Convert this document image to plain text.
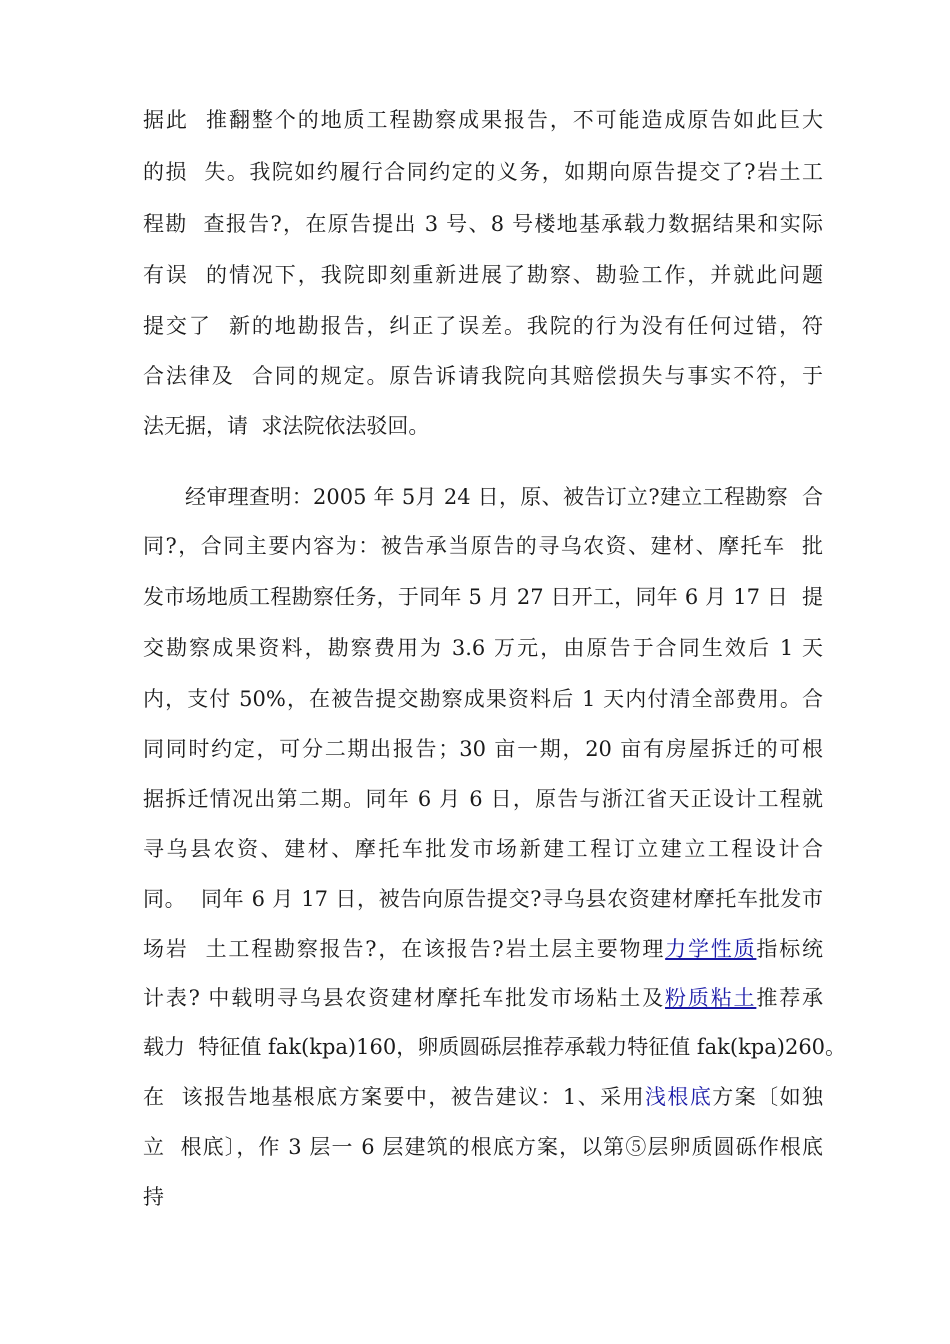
据此  推翻整个的地质工程勘察成果报告，不可能造成原告如此巨大
的损  失。我院如约履行合同约定的义务，如期向原告提交了?岩土工
程勘  查报告?，在原告提出 3 号、8 号楼地基承载力数据结果和实际
有误  的情况下，我院即刻重新进展了勘察、勘验工作，并就此问题
提交了  新的地勘报告，纠正了误差。我院的行为没有任何过错，符
合法律及  合同的规定。原告诉请我院向其赔偿损失与事实不符，于
法无据，请  求法院依法驳回。
经审理查明：2005 年 5月 24 日，原、被告订立?建立工程勘察  合
同?，合同主要内容为：被告承当原告的寻乌农资、建材、摩托车  批
发市场地质工程勘察任务，于同年 5 月 27 日开工，同年 6 月 17 日  提
交勘察成果资料，勘察费用为 3.6 万元，由原告于合同生效后 1 天
内，支付 50%，在被告提交勘察成果资料后 1 天内付清全部费用。合
同同时约定，可分二期出报告；30 亩一期，20 亩有房屋拆迁的可根
据拆迁情况出第二期。同年 6 月 6 日，原告与浙江省天正设计工程就
寻乌县农资、建材、摩托车批发市场新建工程订立建立工程设计合
同。  同年 6 月 17 日，被告向原告提交?寻乌县农资建材摩托车批发市
场岩  土工程勘察报告?，在该报告?岩土层主要物理力学性质指标统
计表? 中载明寻乌县农资建材摩托车批发市场粘土及粉质粘土推荐承
载力  特征值 fak(kpa)160，卵质圆砾层推荐承载力特征值 fak(kpa)260。
在  该报告地基根底方案要中，被告建议：1、采用浅根底方案〔如独
立  根底〕，作 3 层一 6 层建筑的根底方案，以第⑤层卵质圆砾作根底
持
